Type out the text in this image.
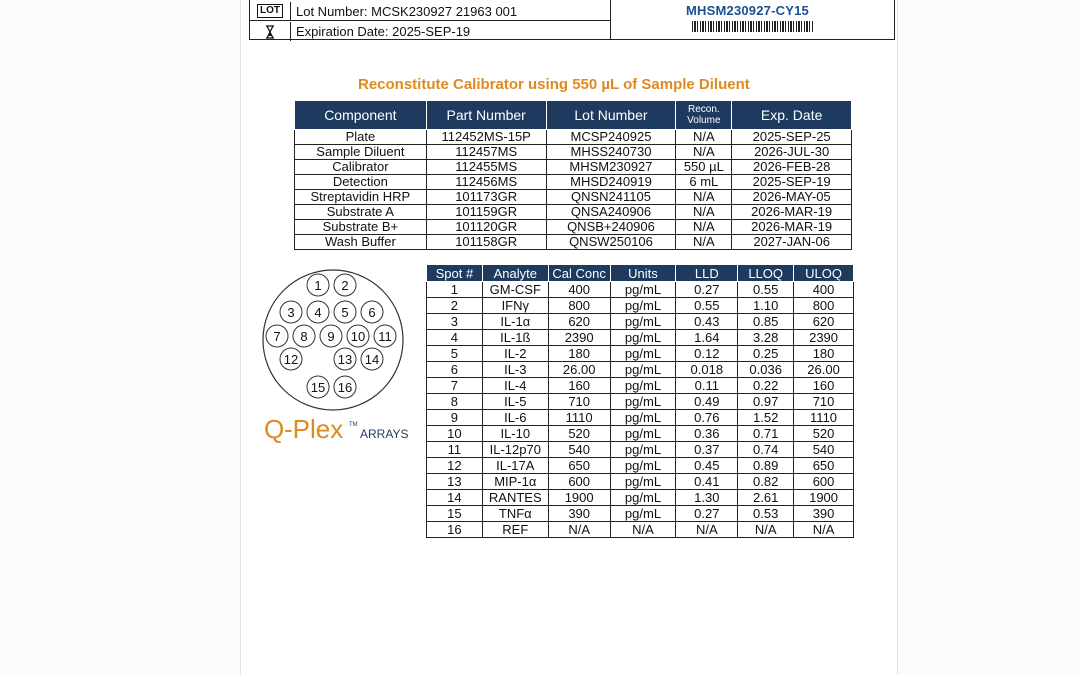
LOT Lot Number: MCSK230927 21963 001
Expiration Date: 2025-SEP-19
MHSM230927-CY15
Reconstitute Calibrator using 550 µL of Sample Diluent
Component	Part Number	Lot Number	Recon. Volume	Exp. Date
Plate	112452MS-15P	MCSP240925	N/A	2025-SEP-25
Sample Diluent	112457MS	MHSS240730	N/A	2026-JUL-30
Calibrator	112455MS	MHSM230927	550 µL	2026-FEB-28
Detection	112456MS	MHSD240919	6 mL	2025-SEP-19
Streptavidin HRP	101173GR	QNSN241105	N/A	2026-MAY-05
Substrate A	101159GR	QNSA240906	N/A	2026-MAR-19
Substrate B+	101120GR	QNSB+240906	N/A	2026-MAR-19
Wash Buffer	101158GR	QNSW250106	N/A	2027-JAN-06
1 2
3 4 5 6
7 8 9 10 11
12	13 14
15 16
Q -Plex TM
ARRAYS
Spot #	Analyte	Cal Conc	Units	LLD	LLOQ	ULOQ
1	GM-CSF	400	pg/mL	0.27	0.55	400
2	IFNγ	800	pg/mL	0.55	1.10	800
3	IL-1α	620	pg/mL	0.43	0.85	620
4	IL-1ß	2390	pg/mL	1.64	3.28	2390
5	IL-2	180	pg/mL	0.12	0.25	180
6	IL-3	26.00	pg/mL	0.018	0.036	26.00
7	IL-4	160	pg/mL	0.11	0.22	160
8	IL-5	710	pg/mL	0.49	0.97	710
9	IL-6	1110	pg/mL	0.76	1.52	1110
10	IL-10	520	pg/mL	0.36	0.71	520
11	IL-12p70	540	pg/mL	0.37	0.74	540
12	IL-17A	650	pg/mL	0.45	0.89	650
13	MIP-1α	600	pg/mL	0.41	0.82	600
14	RANTES	1900	pg/mL	1.30	2.61	1900
15	TNFα	390	pg/mL	0.27	0.53	390
16	REF	N/A	N/A	N/A	N/A	N/A
